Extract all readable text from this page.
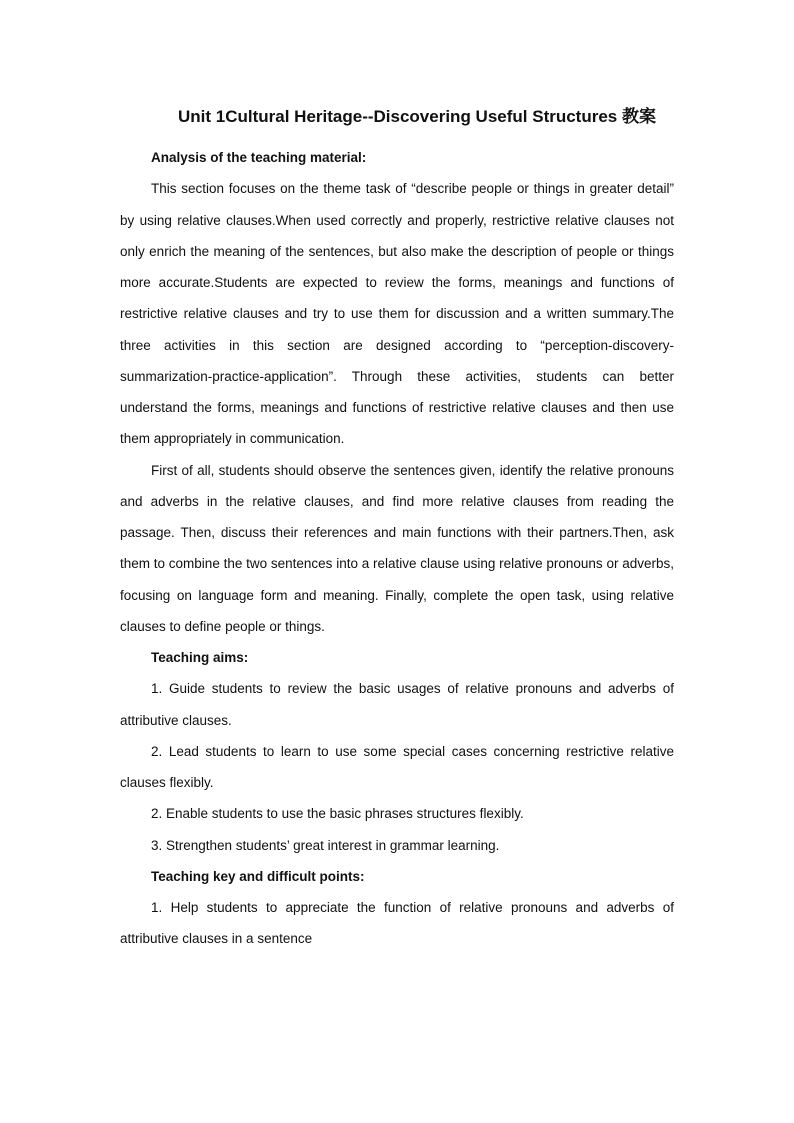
Unit 1Cultural Heritage--Discovering Useful Structures 教案

Analysis of the teaching material:

This section focuses on the theme task of “describe people or things in greater detail” by using relative clauses.When used correctly and properly, restrictive relative clauses not only enrich the meaning of the sentences, but also make the description of people or things more accurate.Students are expected to review the forms, meanings and functions of restrictive relative clauses and try to use them for discussion and a written summary.The three activities in this section are designed according to “perception-discovery-summarization-practice-application”. Through these activities, students can better understand the forms, meanings and functions of restrictive relative clauses and then use them appropriately in communication.

First of all, students should observe the sentences given, identify the relative pronouns and adverbs in the relative clauses, and find more relative clauses from reading the passage. Then, discuss their references and main functions with their partners.Then, ask them to combine the two sentences into a relative clause using relative pronouns or adverbs, focusing on language form and meaning. Finally, complete the open task, using relative clauses to define people or things.

Teaching aims:

1. Guide students to review the basic usages of relative pronouns and adverbs of attributive clauses.

2. Lead students to learn to use some special cases concerning restrictive relative clauses flexibly.

2. Enable students to use the basic phrases structures flexibly.

3. Strengthen students’ great interest in grammar learning.

Teaching key and difficult points:

1. Help students to appreciate the function of relative pronouns and adverbs of attributive clauses in a sentence
